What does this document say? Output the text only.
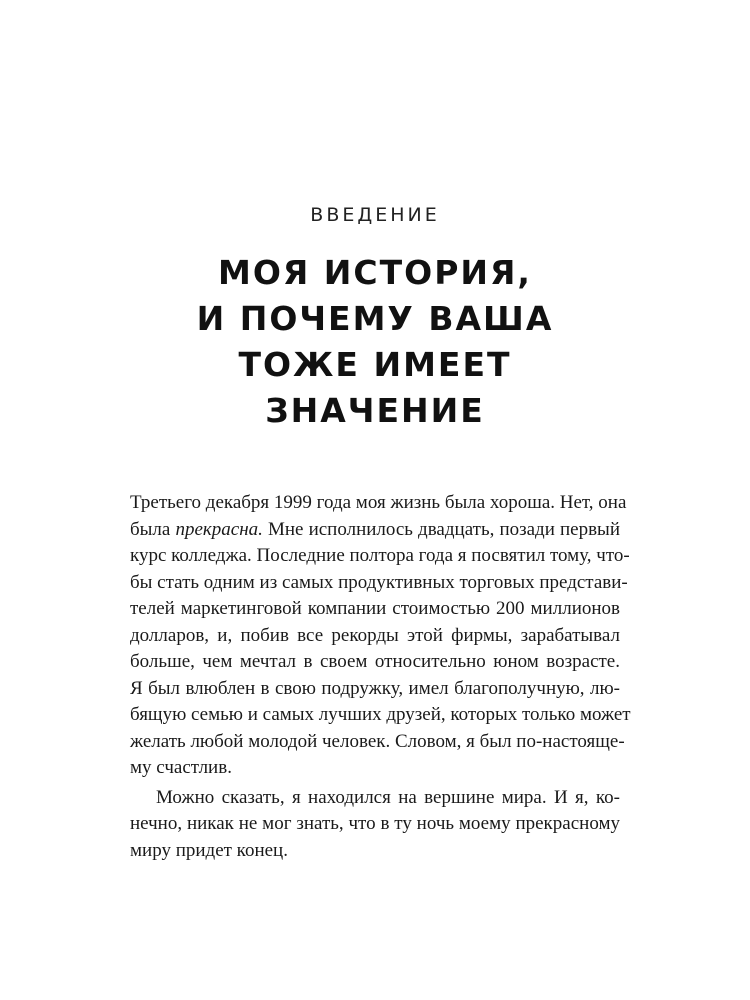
ВВЕДЕНИЕ
МОЯ ИСТОРИЯ,
И ПОЧЕМУ ВАША
ТОЖЕ ИМЕЕТ
ЗНАЧЕНИЕ

Третьего декабря 1999 года моя жизнь была хороша. Нет, она
была прекрасна. Мне исполнилось двадцать, позади первый
курс колледжа. Последние полтора года я посвятил тому, что-
бы стать одним из самых продуктивных торговых представи-
телей маркетинговой компании стоимостью 200 миллионов
долларов, и, побив все рекорды этой фирмы, зарабатывал
больше, чем мечтал в своем относительно юном возрасте.
Я был влюблен в свою подружку, имел благополучную, лю-
бящую семью и самых лучших друзей, которых только может
желать любой молодой человек. Словом, я был по-настояще-
му счастлив.

Можно сказать, я находился на вершине мира. И я, ко-
нечно, никак не мог знать, что в ту ночь моему прекрасному
миру придет конец.
